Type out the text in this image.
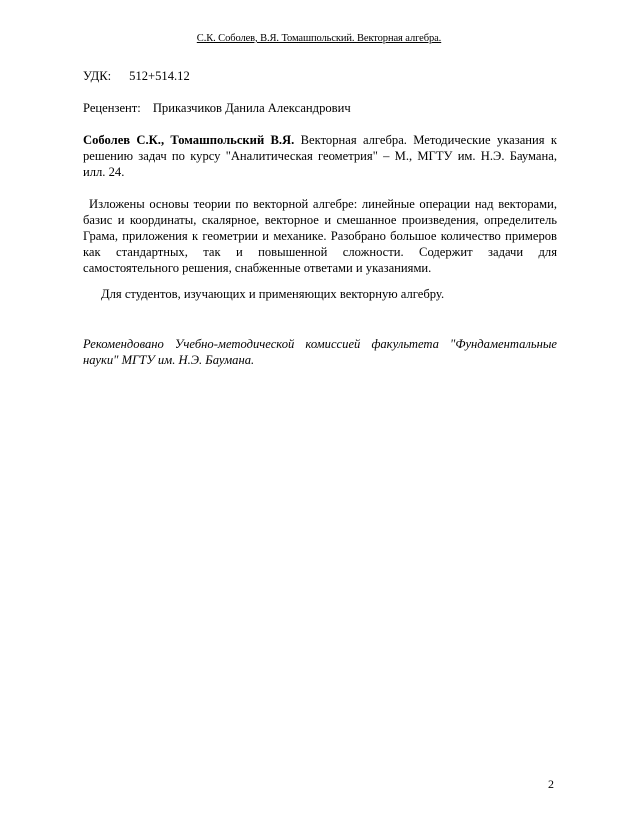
С.К. Соболев, В.Я. Томашпольский. Векторная алгебра.

УДК: 512+514.12

Рецензент: Приказчиков Данила Александрович

Соболев С.К., Томашпольский В.Я. Векторная алгебра. Методические указания к решению задач по курсу "Аналитическая геометрия" – М., МГТУ им. Н.Э. Баумана, илл. 24.

Изложены основы теории по векторной алгебре: линейные операции над векторами, базис и координаты, скалярное, векторное и смешанное произведения, определитель Грама, приложения к геометрии и механике. Разобрано большое количество примеров как стандартных, так и повышенной сложности. Содержит задачи для самостоятельного решения, снабженные ответами и указаниями.

Для студентов, изучающих и применяющих векторную алгебру.

Рекомендовано Учебно-методической комиссией факультета "Фундаментальные науки" МГТУ им. Н.Э. Баумана.

2
